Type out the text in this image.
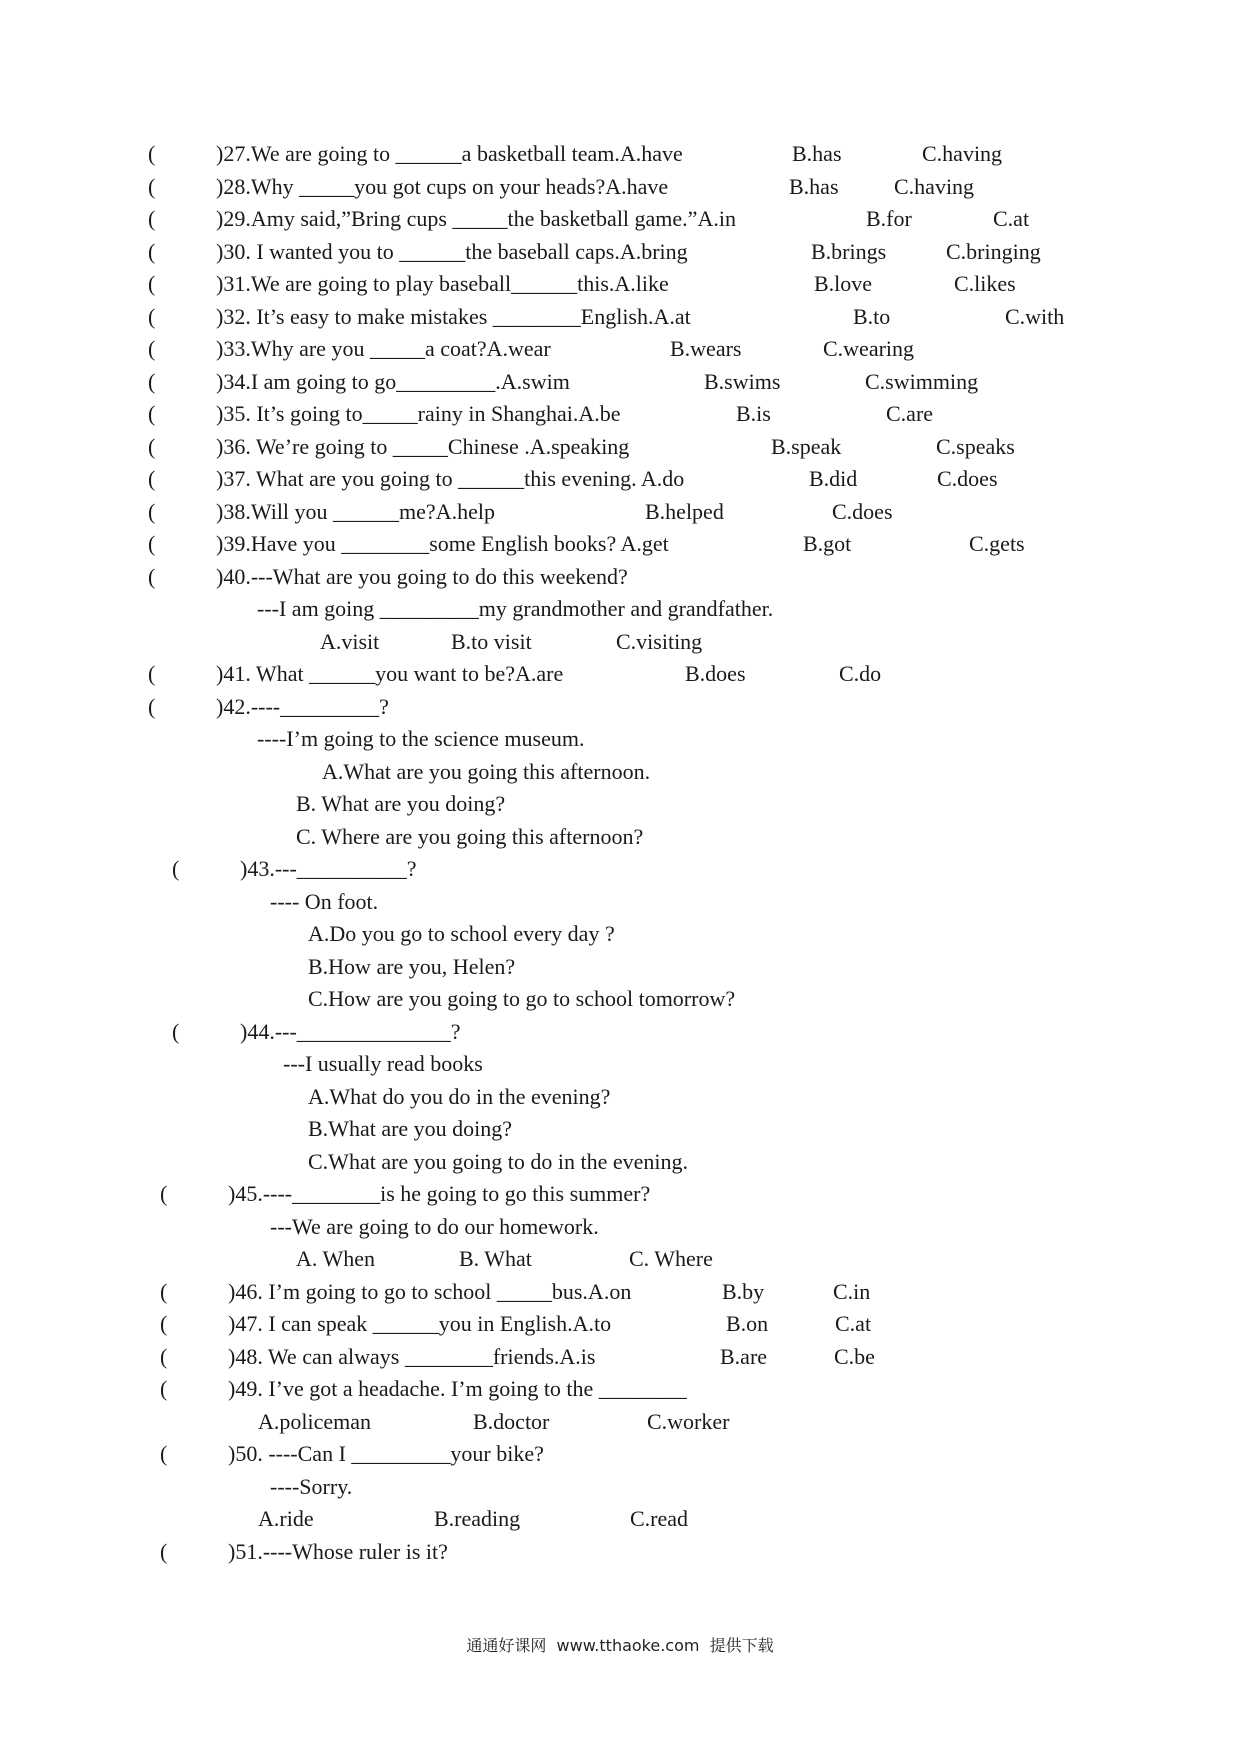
(	)27.We are going to ______a basketball team.A.have	B.has	C.having
(	)28.Why _____you got cups on your heads?A.have	B.has	C.having
(	)29.Amy said,”Bring cups _____the basketball game.”A.in	B.for	C.at
(	)30. I wanted you to ______the baseball caps.A.bring	B.brings	C.bringing
(	)31.We are going to play baseball______this.A.like	B.love	C.likes
(	)32. It’s easy to make mistakes ________English.A.at	B.to	C.with
(	)33.Why are you _____a coat?A.wear	B.wears	C.wearing
(	)34.I am going to go_________.A.swim	B.swims	C.swimming
(	)35. It’s going to_____rainy in Shanghai.A.be	B.is	C.are
(	)36. We’re going to _____Chinese .A.speaking	B.speak	C.speaks
(	)37. What are you going to ______this evening. A.do	B.did	C.does
(	)38.Will you ______me?A.help	B.helped	C.does
(	)39.Have you ________some English books? A.get	B.got	C.gets
(	)40.---What are you going to do this weekend?
---I am going _________my grandmother and grandfather.
A.visit	B.to visit	C.visiting
(	)41. What ______you want to be?A.are	B.does	C.do
(	)42.----_________?
----I’m going to the science museum.
A.What are you going this afternoon.
B. What are you doing?
C. Where are you going this afternoon?
(	)43.---__________?
---- On foot.
A.Do you go to school every day ?
B.How are you, Helen?
C.How are you going to go to school tomorrow?
(	)44.---______________?
---I usually read books
A.What do you do in the evening?
B.What are you doing?
C.What are you going to do in the evening.
(	)45.----________is he going to go this summer?
---We are going to do our homework.
A. When	B. What	C. Where
(	)46. I’m going to go to school _____bus.A.on	B.by	C.in
(	)47. I can speak ______you in English.A.to	B.on	C.at
(	)48. We can always ________friends.A.is	B.are	C.be
(	)49. I’ve got a headache. I’m going to the ________
A.policeman	B.doctor	C.worker
(	)50. ----Can I _________your bike?
----Sorry.
A.ride	B.reading	C.read
(	)51.----Whose ruler is it?
通通好课网  www.tthaoke.com  提供下载
